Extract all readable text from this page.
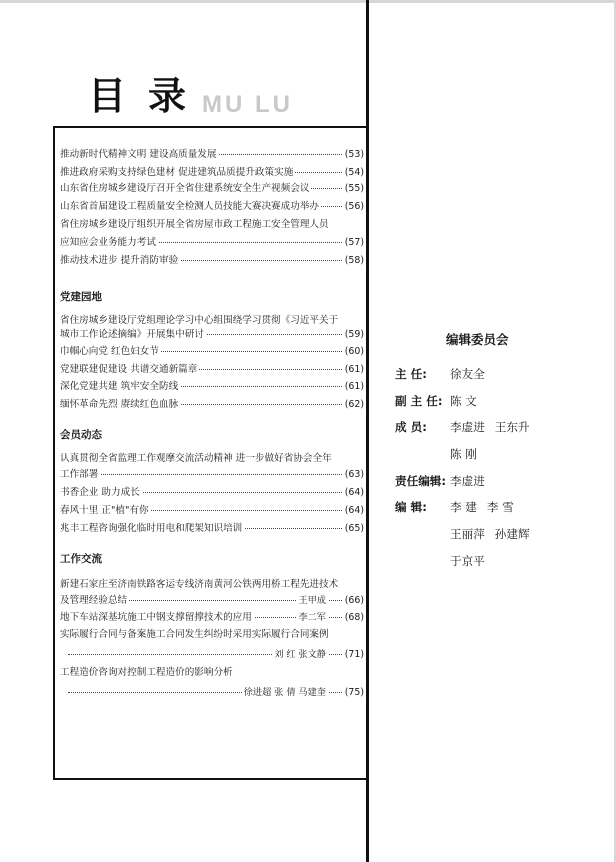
目录
MU LU
推动新时代精神文明 建设高质量发展	(53)
推进政府采购支持绿色建材 促进建筑品质提升政策实施	(54)
山东省住房城乡建设厅召开全省住建系统安全生产视频会议	(55)
山东省首届建设工程质量安全检测人员技能大赛决赛成功举办	(56)
省住房城乡建设厅组织开展全省房屋市政工程施工安全管理人员
应知应会业务能力考试	(57)
推动技术进步 提升消防审验	(58)
党建园地
省住房城乡建设厅党组理论学习中心组围绕学习贯彻《习近平关于
城市工作论述摘编》开展集中研讨	(59)
巾帼心向党 红色妇女节	(60)
党建联建促建设 共谱交通新篇章	(61)
深化党建共建 筑牢安全防线	(61)
缅怀革命先烈 赓续红色血脉	(62)
会员动态
认真贯彻全省监理工作观摩交流活动精神 进一步做好省协会全年
工作部署	(63)
书香企业 助力成长	(64)
春风十里 正"植"有你	(64)
兆丰工程咨询强化临时用电和爬架知识培训	(65)
工作交流
新建石家庄至济南铁路客运专线济南黄河公铁两用桥工程先进技术
及管理经验总结	王甲成	(66)
地下车站深基坑施工中钢支撑留撑技术的应用	李二军	(68)
实际履行合同与备案施工合同发生纠纷时采用实际履行合同案例
刘 红 张文静	(71)
工程造价咨询对控制工程造价的影响分析
徐进超 张 倩 马建奎	(75)
编辑委员会
主 任:	徐友全
副 主 任: 陈 文
成 员:	李虚进 王东升
陈 刚
责任编辑: 李虚进
编 辑:	李 建 李 雪
王丽萍 孙建辉
于京平
